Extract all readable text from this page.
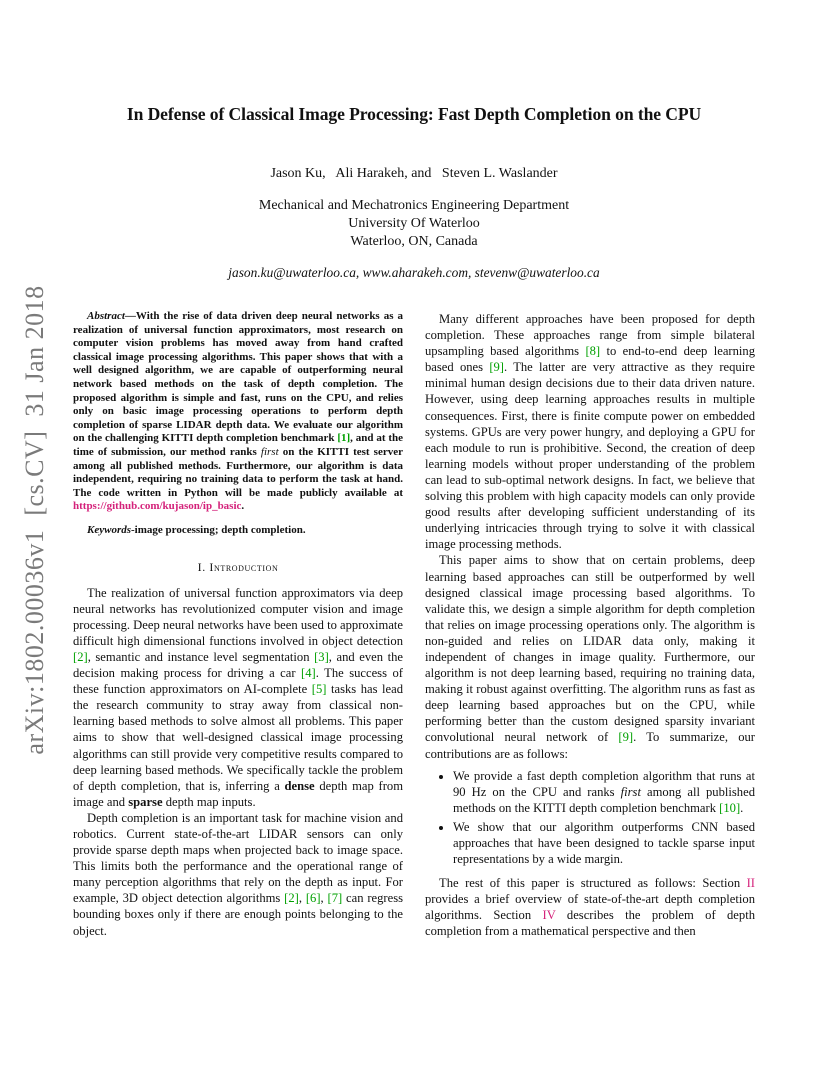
In Defense of Classical Image Processing: Fast Depth Completion on the CPU
Jason Ku,   Ali Harakeh, and   Steven L. Waslander
Mechanical and Mechatronics Engineering Department
University Of Waterloo
Waterloo, ON, Canada
jason.ku@uwaterloo.ca, www.aharakeh.com, stevenw@uwaterloo.ca
arXiv:1802.00036v1  [cs.CV]  31 Jan 2018	Abstract—With the rise of data driven deep neural networks as a realization of universal function approximators, most research on computer vision problems has moved away from hand crafted classical image processing algorithms. This paper shows that with a well designed algorithm, we are capable of outperforming neural network based methods on the task of depth completion. The proposed algorithm is simple and fast, runs on the CPU, and relies only on basic image processing operations to perform depth completion of sparse LIDAR depth data. We evaluate our algorithm on the challenging KITTI depth completion benchmark [1], and at the time of submission, our method ranks first on the KITTI test server among all published methods. Furthermore, our algorithm is data independent, requiring no training data to perform the task at hand. The code written in Python will be made publicly available at https://github.com/kujason/ip_basic.

Keywords-image processing; depth completion.

I. Introduction

The realization of universal function approximators via deep neural networks has revolutionized computer vision and image processing. Deep neural networks have been used to approximate difficult high dimensional functions involved in object detection [2], semantic and instance level segmentation [3], and even the decision making process for driving a car [4]. The success of these function approximators on AI-complete [5] tasks has lead the research community to stray away from classical non-learning based methods to solve almost all problems. This paper aims to show that well-designed classical image processing algorithms can still provide very competitive results compared to deep learning based methods. We specifically tackle the problem of depth completion, that is, inferring a dense depth map from image and sparse depth map inputs.

Depth completion is an important task for machine vision and robotics. Current state-of-the-art LIDAR sensors can only provide sparse depth maps when projected back to image space. This limits both the performance and the operational range of many perception algorithms that rely on the depth as input. For example, 3D object detection algorithms [2], [6], [7] can regress bounding boxes only if there are enough points belonging to the object.

Many different approaches have been proposed for depth completion. These approaches range from simple bilateral upsampling based algorithms [8] to end-to-end deep learning based ones [9]. The latter are very attractive as they require minimal human design decisions due to their data driven nature. However, using deep learning approaches results in multiple consequences. First, there is finite compute power on embedded systems. GPUs are very power hungry, and deploying a GPU for each module to run is prohibitive. Second, the creation of deep learning models without proper understanding of the problem can lead to sub-optimal network designs. In fact, we believe that solving this problem with high capacity models can only provide good results after developing sufficient understanding of its underlying intricacies through trying to solve it with classical image processing methods.

This paper aims to show that on certain problems, deep learning based approaches can still be outperformed by well designed classical image processing based algorithms. To validate this, we design a simple algorithm for depth completion that relies on image processing operations only. The algorithm is non-guided and relies on LIDAR data only, making it independent of changes in image quality. Furthermore, our algorithm is not deep learning based, requiring no training data, making it robust against overfitting. The algorithm runs as fast as deep learning based approaches but on the CPU, while performing better than the custom designed sparsity invariant convolutional neural network of [9]. To summarize, our contributions are as follows:

• We provide a fast depth completion algorithm that runs at 90 Hz on the CPU and ranks first among all published methods on the KITTI depth completion benchmark [10].
• We show that our algorithm outperforms CNN based approaches that have been designed to tackle sparse input representations by a wide margin.

The rest of this paper is structured as follows: Section II provides a brief overview of state-of-the-art depth completion algorithms. Section IV describes the problem of depth completion from a mathematical perspective and then
